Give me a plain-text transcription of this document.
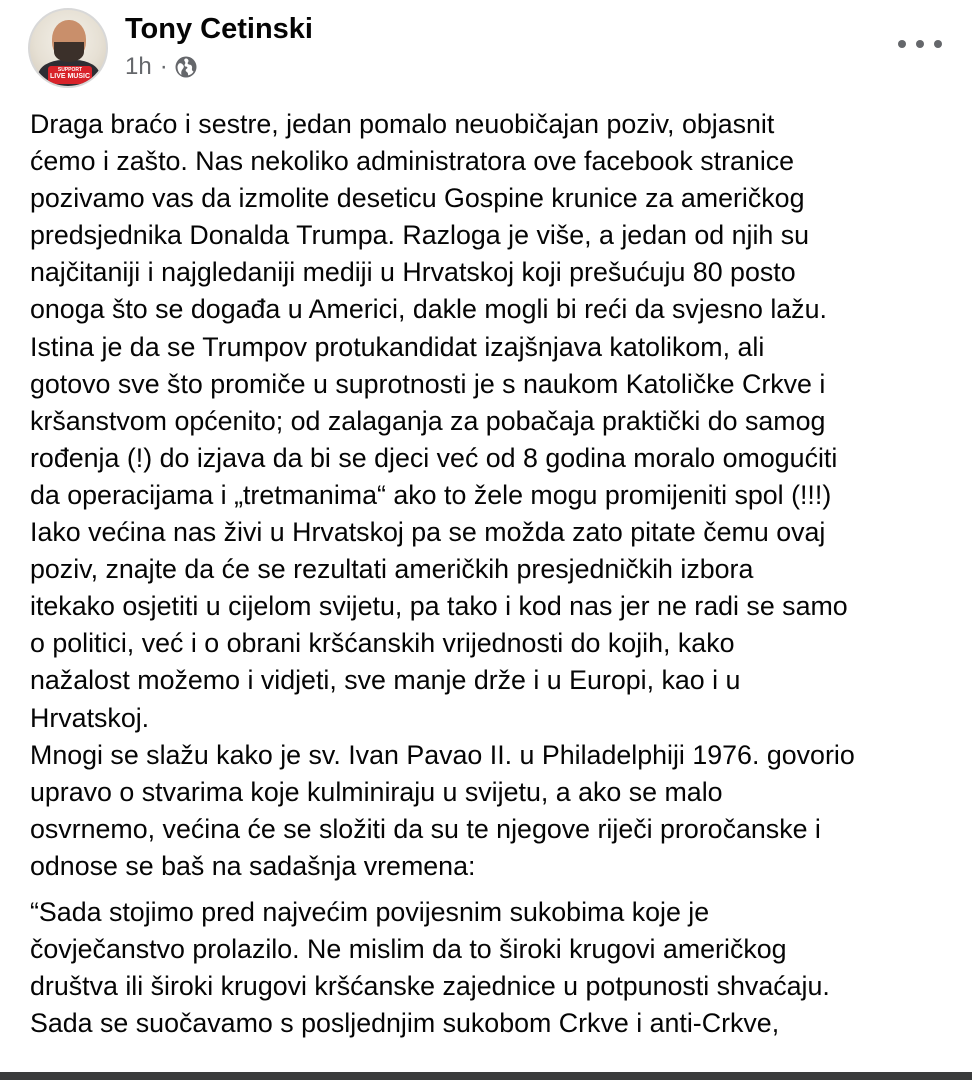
SUPPORT
LIVE MUSIC
Tony Cetinski
1h ·
Draga braćo i sestre, jedan pomalo neuobičajan poziv, objasnit
ćemo i zašto. Nas nekoliko administratora ove facebook stranice
pozivamo vas da izmolite deseticu Gospine krunice za američkog
predsjednika Donalda Trumpa. Razloga je više, a jedan od njih su
najčitaniji i najgledaniji mediji u Hrvatskoj koji prešućuju 80 posto
onoga što se događa u Americi, dakle mogli bi reći da svjesno lažu.
Istina je da se Trumpov protukandidat izajšnjava katolikom, ali
gotovo sve što promiče u suprotnosti je s naukom Katoličke Crkve i
kršanstvom općenito; od zalaganja za pobačaja praktički do samog
rođenja (!) do izjava da bi se djeci već od 8 godina moralo omogućiti
da operacijama i „tretmanima“ ako to žele mogu promijeniti spol (!!!)
Iako većina nas živi u Hrvatskoj pa se možda zato pitate čemu ovaj
poziv, znajte da će se rezultati američkih presjedničkih izbora
itekako osjetiti u cijelom svijetu, pa tako i kod nas jer ne radi se samo
o politici, već i o obrani kršćanskih vrijednosti do kojih, kako
nažalost možemo i vidjeti, sve manje drže i u Europi, kao i u
Hrvatskoj.
Mnogi se slažu kako je sv. Ivan Pavao II. u Philadelphiji 1976. govorio
upravo o stvarima koje kulminiraju u svijetu, a ako se malo
osvrnemo, većina će se složiti da su te njegove riječi proročanske i
odnose se baš na sadašnja vremena:
“Sada stojimo pred najvećim povijesnim sukobima koje je
čovječanstvo prolazilo. Ne mislim da to široki krugovi američkog
društva ili široki krugovi kršćanske zajednice u potpunosti shvaćaju.
Sada se suočavamo s posljednjim sukobom Crkve i anti-Crkve,
